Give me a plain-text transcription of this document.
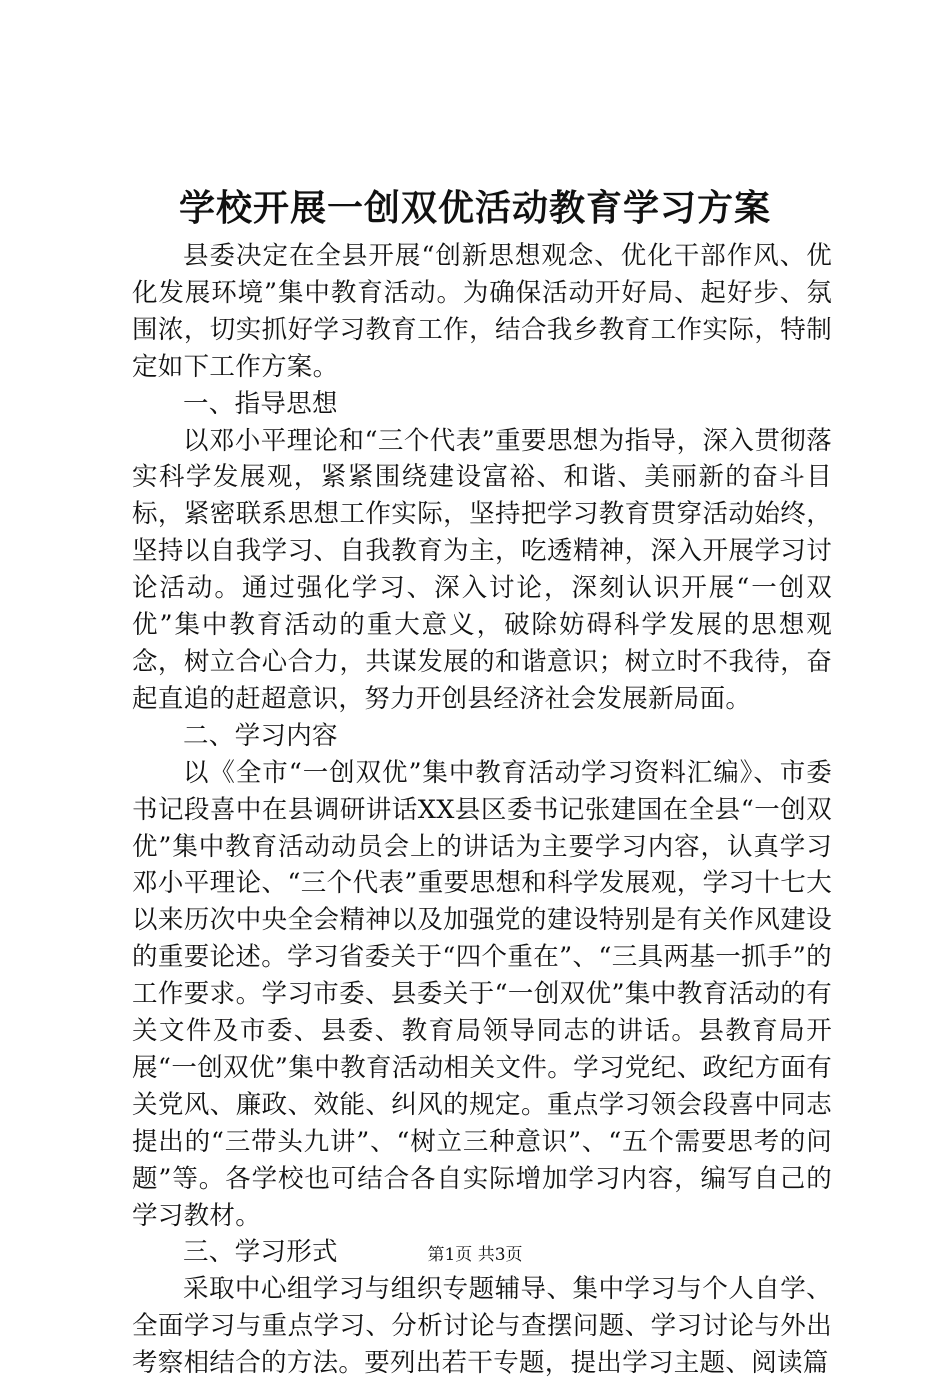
学校开展一创双优活动教育学习方案

县委决定在全县开展“创新思想观念、优化干部作风、优化发展环境”集中教育活动。为确保活动开好局、起好步、氛围浓，切实抓好学习教育工作，结合我乡教育工作实际，特制定如下工作方案。

一、指导思想

以邓小平理论和“三个代表”重要思想为指导，深入贯彻落实科学发展观，紧紧围绕建设富裕、和谐、美丽新的奋斗目标，紧密联系思想工作实际，坚持把学习教育贯穿活动始终，坚持以自我学习、自我教育为主，吃透精神，深入开展学习讨论活动。通过强化学习、深入讨论，深刻认识开展“一创双优”集中教育活动的重大意义，破除妨碍科学发展的思想观念，树立合心合力，共谋发展的和谐意识；树立时不我待，奋起直追的赶超意识，努力开创县经济社会发展新局面。

二、学习内容

以《全市“一创双优”集中教育活动学习资料汇编》、市委书记段喜中在县调研讲话XX县区委书记张建国在全县“一创双优”集中教育活动动员会上的讲话为主要学习内容，认真学习邓小平理论、“三个代表”重要思想和科学发展观，学习十七大以来历次中央全会精神以及加强党的建设特别是有关作风建设的重要论述。学习省委关于“四个重在”、“三具两基一抓手”的工作要求。学习市委、县委关于“一创双优”集中教育活动的有关文件及市委、县委、教育局领导同志的讲话。县教育局开展“一创双优”集中教育活动相关文件。学习党纪、政纪方面有关党风、廉政、效能、纠风的规定。重点学习领会段喜中同志提出的“三带头九讲”、“树立三种意识”、“五个需要思考的问题”等。各学校也可结合各自实际增加学习内容，编写自己的学习教材。

三、学习形式

采取中心组学习与组织专题辅导、集中学习与个人自学、全面学习与重点学习、分析讨论与查摆问题、学习讨论与外出考察相结合的方法。要列出若干专题，提出学习主题、阅读篇

第1页 共3页
